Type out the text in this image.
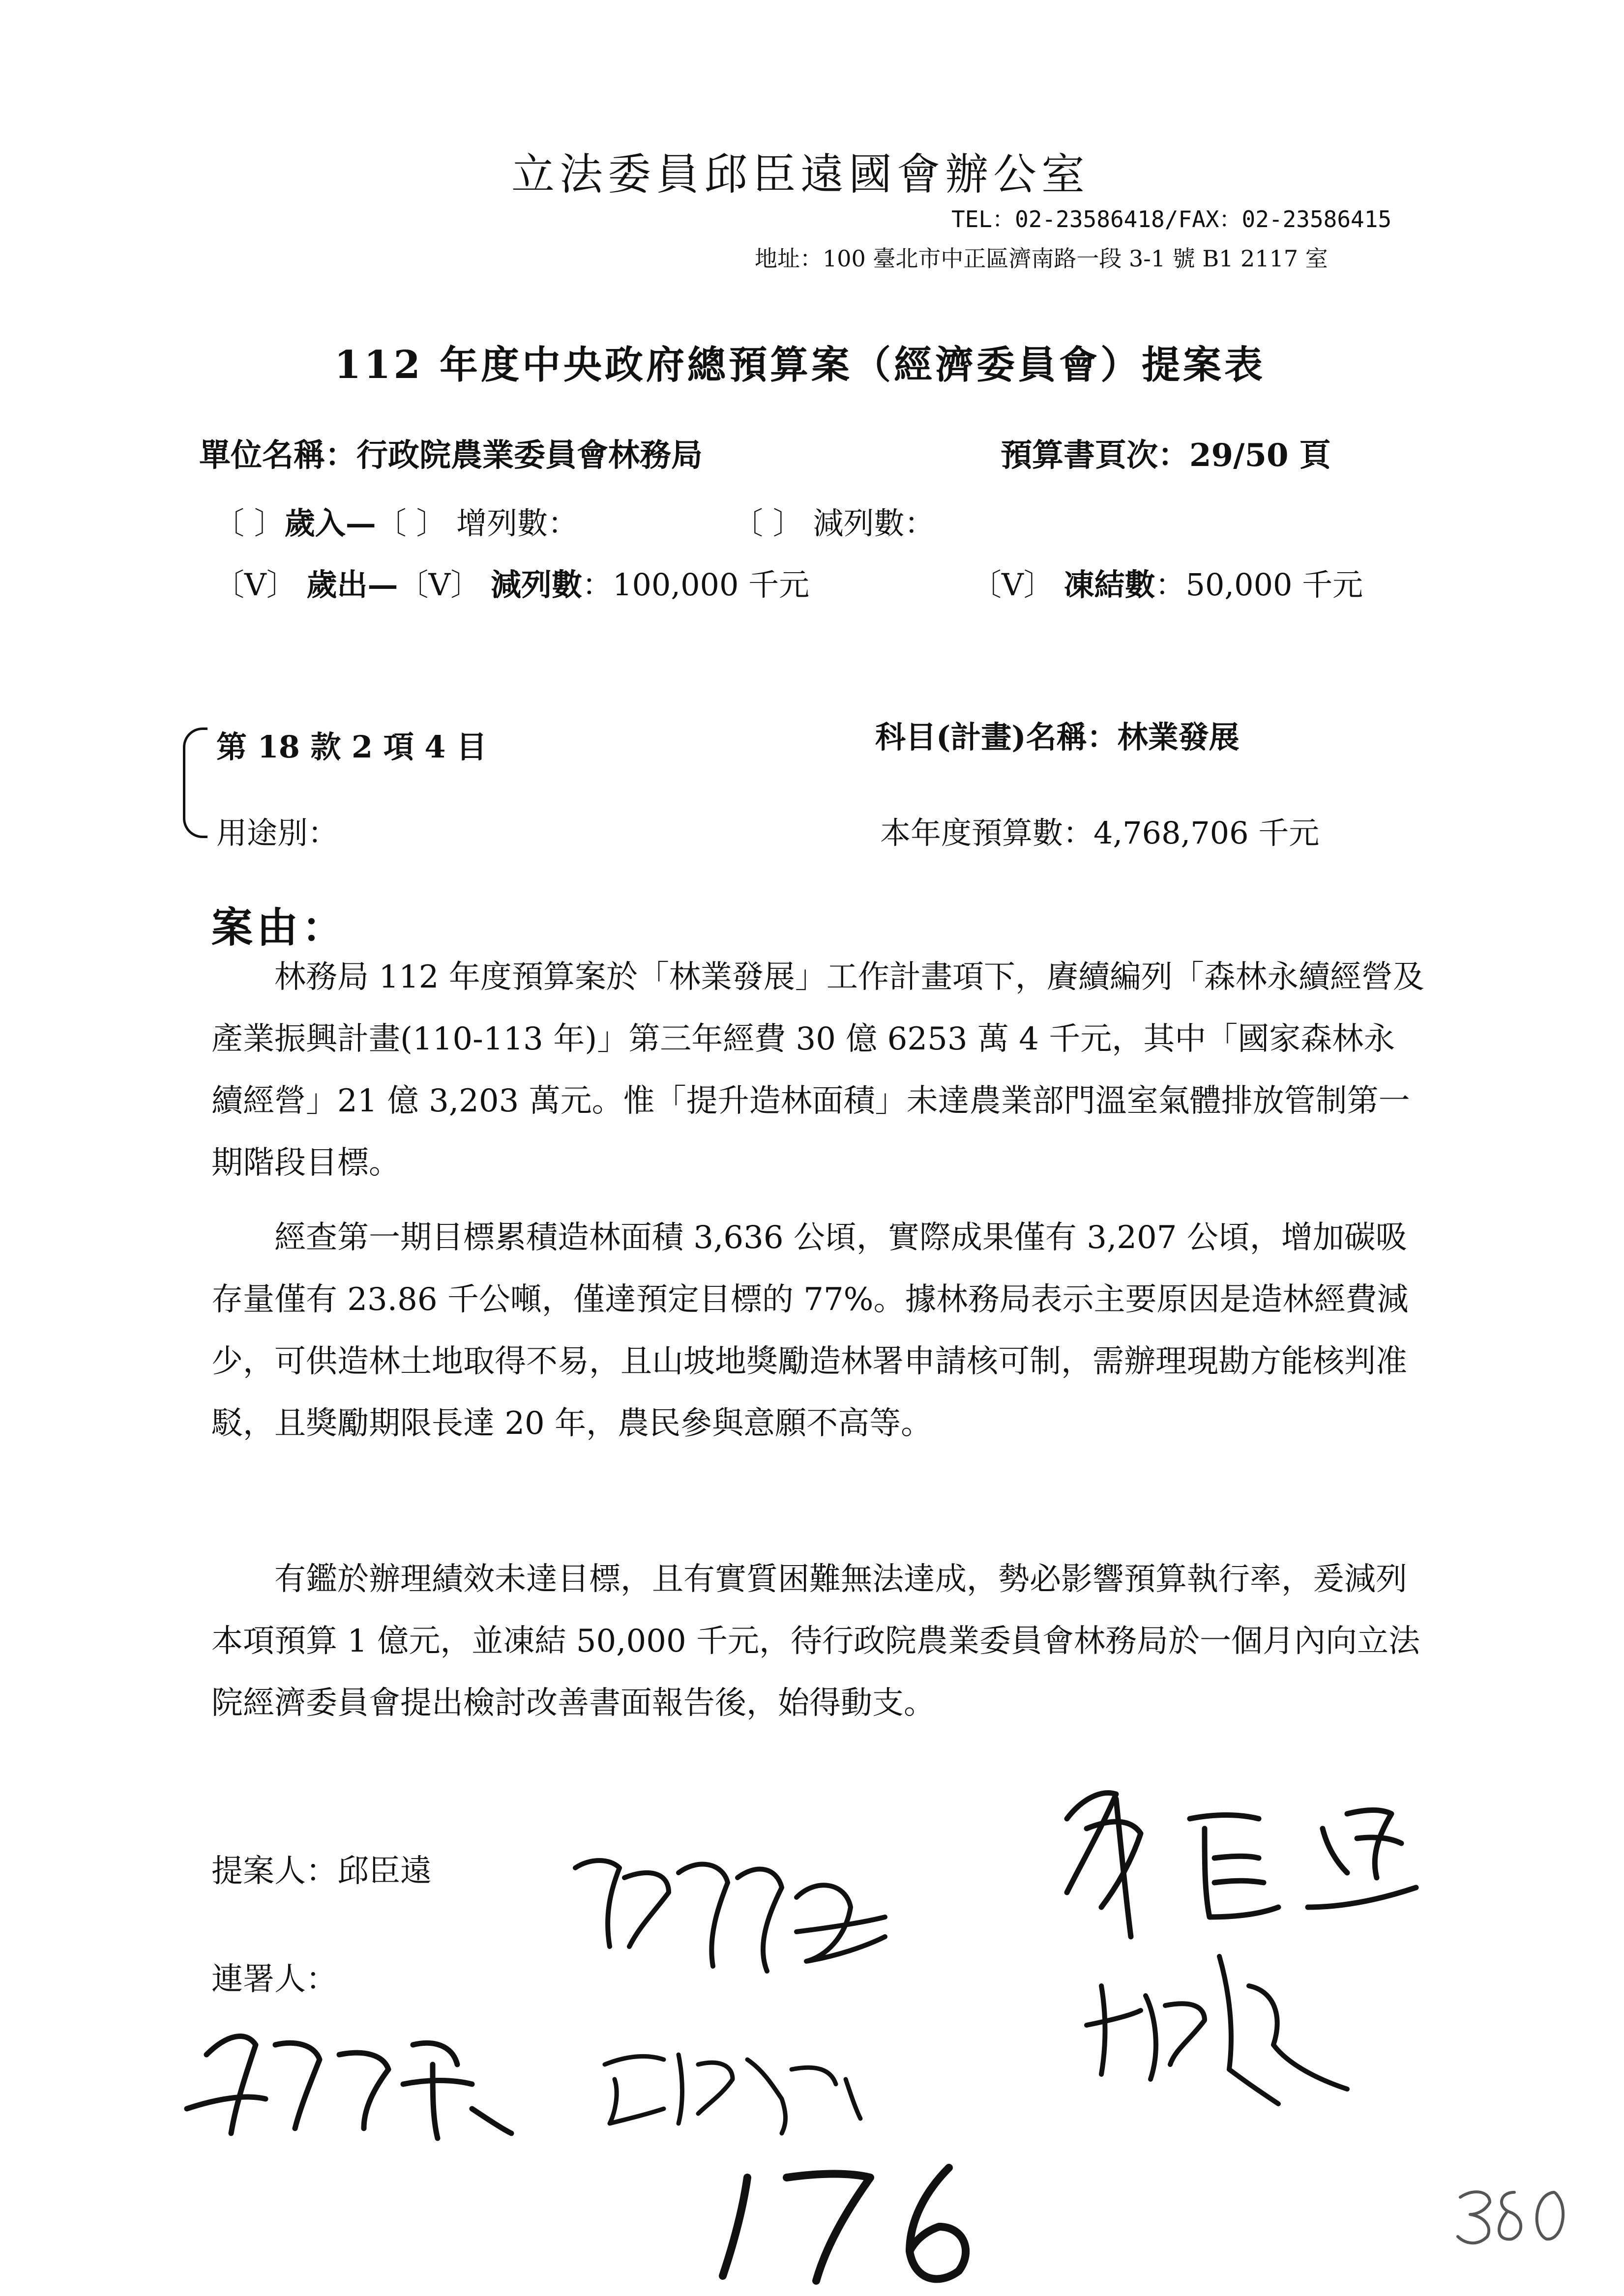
立法委員邱臣遠國會辦公室
TEL：02-23586418/FAX：02-23586415
地址：100 臺北市中正區濟南路一段 3-1 號 B1 2117 室
112 年度中央政府總預算案（經濟委員會）提案表
單位名稱：行政院農業委員會林務局	預算書頁次：29/50 頁
〔 〕歲入—〔 〕 增列數：	〔 〕 減列數：
〔V〕 歲出—〔V〕 減列數：100,000 千元	〔V〕 凍結數：50,000 千元
第 18 款 2 項 4 目	科目(計畫)名稱：林業發展
用途別：	本年度預算數：4,768,706 千元
案由：

林務局 112 年度預算案於「林業發展」工作計畫項下，賡續編列「森林永續經營及產業振興計畫(110-113 年)」第三年經費 30 億 6253 萬 4 千元，其中「國家森林永續經營」21 億 3,203 萬元。惟「提升造林面積」未達農業部門溫室氣體排放管制第一期階段目標。

經查第一期目標累積造林面積 3,636 公頃，實際成果僅有 3,207 公頃，增加碳吸存量僅有 23.86 千公噸，僅達預定目標的 77%。據林務局表示主要原因是造林經費減少，可供造林土地取得不易，且山坡地獎勵造林署申請核可制，需辦理現勘方能核判准駁，且獎勵期限長達 20 年，農民參與意願不高等。

有鑑於辦理績效未達目標，且有實質困難無法達成，勢必影響預算執行率，爰減列本項預算 1 億元，並凍結 50,000 千元，待行政院農業委員會林務局於一個月內向立法院經濟委員會提出檢討改善書面報告後，始得動支。

提案人：邱臣遠
連署人：
